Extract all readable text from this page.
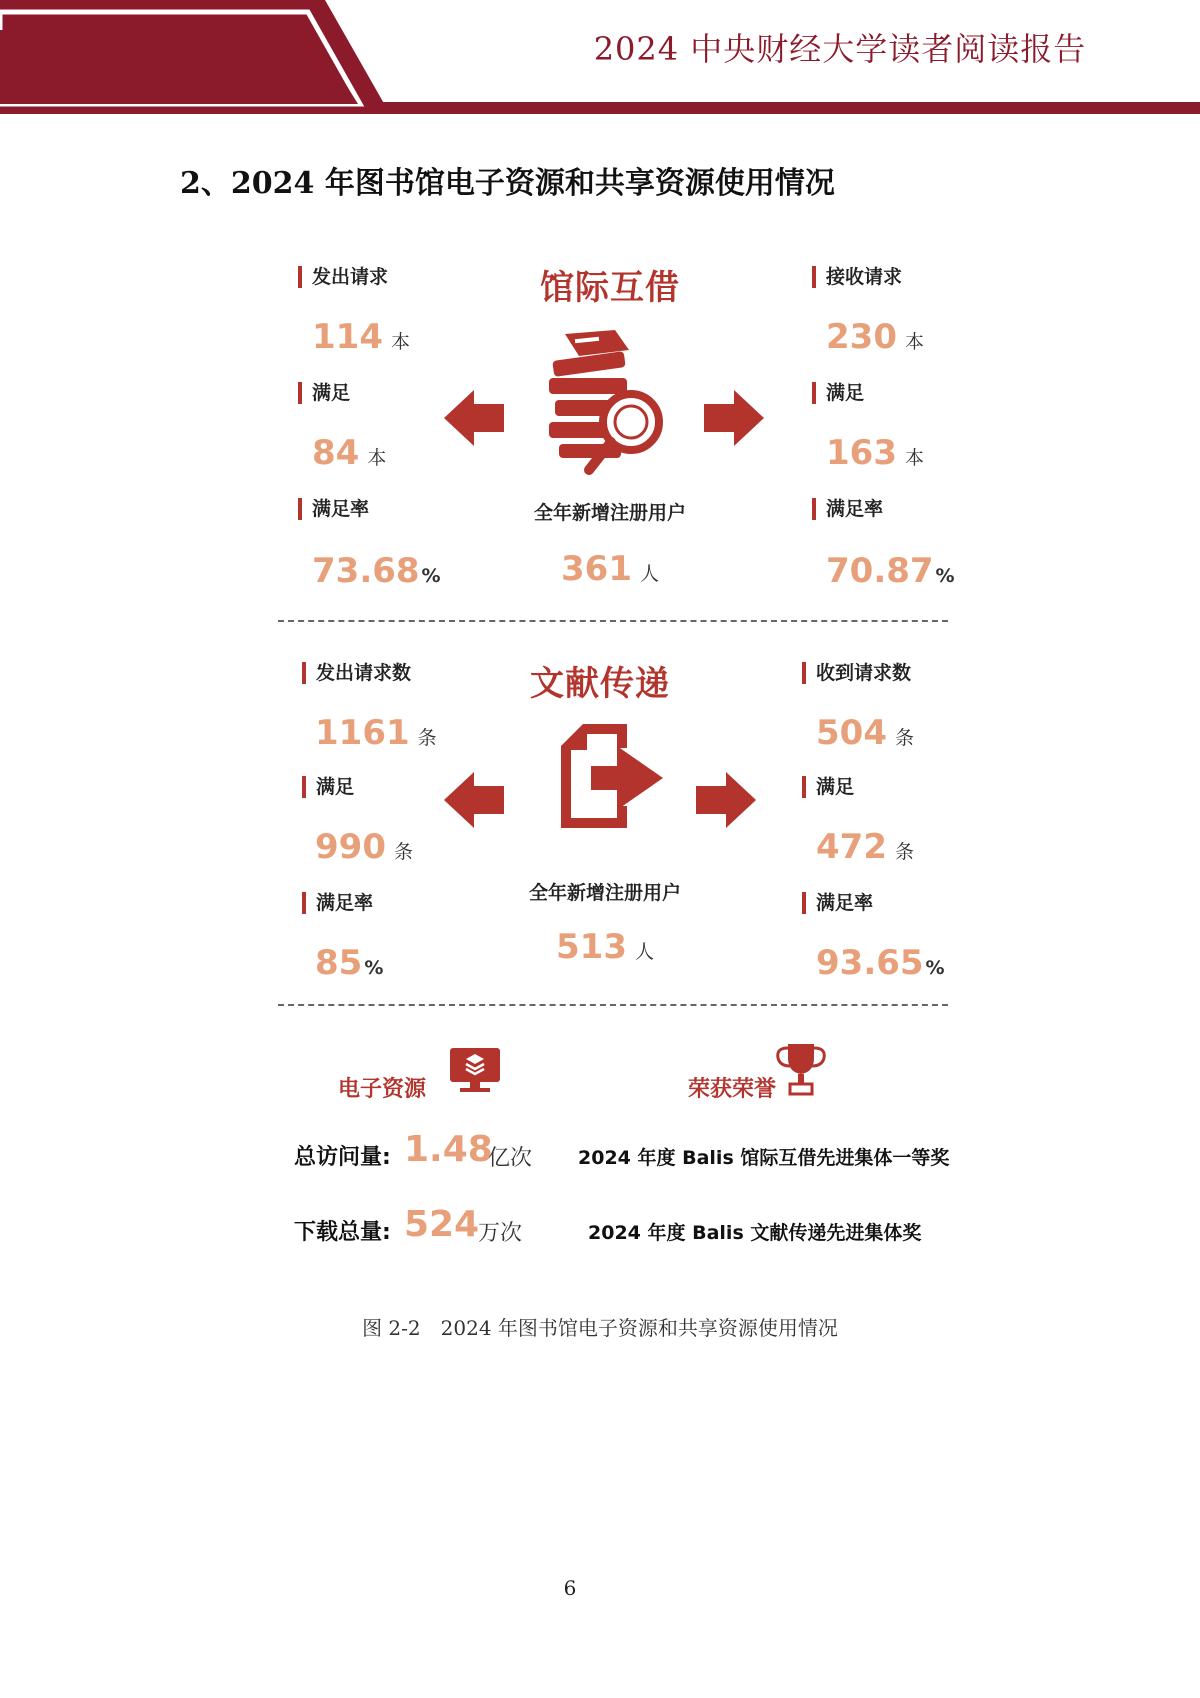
2024 中央财经大学读者阅读报告
2、2024 年图书馆电子资源和共享资源使用情况
馆际互借
发出请求
114 本
满足
84 本
满足率
73.68 %
接收请求
230 本
满足
163 本
满足率
70.87 %
全年新增注册用户
361 人
文献传递
发出请求数
1161 条
满足
990 条
满足率
85 %
收到请求数
504 条
满足
472 条
满足率
93.65 %
全年新增注册用户
513 人
电子资源	荣获荣誉
总访问量: 1.48
亿次
下载总量: 524
万次
2024 年度 Balis 馆际互借先进集体一等奖
2024 年度 Balis 文献传递先进集体奖
图 2-2　2024 年图书馆电子资源和共享资源使用情况
6
